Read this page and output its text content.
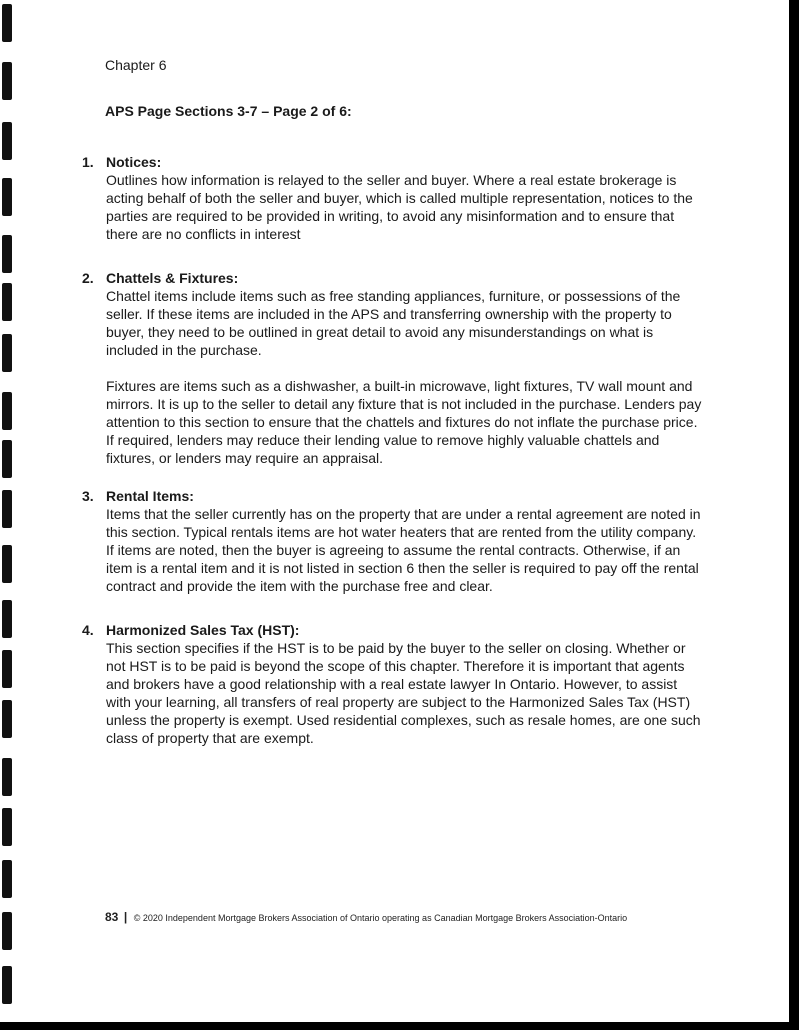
Chapter 6
APS Page Sections 3-7 – Page 2 of 6:
1. Notices:

Outlines how information is relayed to the seller and buyer. Where a real estate brokerage is acting behalf of both the seller and buyer, which is called multiple representation, notices to the parties are required to be provided in writing, to avoid any misinformation and to ensure that there are no conflicts in interest

2. Chattels & Fixtures:

Chattel items include items such as free standing appliances, furniture, or possessions of the seller. If these items are included in the APS and transferring ownership with the property to buyer, they need to be outlined in great detail to avoid any misunderstandings on what is included in the purchase.

Fixtures are items such as a dishwasher, a built-in microwave, light fixtures, TV wall mount and mirrors. It is up to the seller to detail any fixture that is not included in the purchase. Lenders pay attention to this section to ensure that the chattels and fixtures do not inflate the purchase price. If required, lenders may reduce their lending value to remove highly valuable chattels and fixtures, or lenders may require an appraisal.

3. Rental Items:

Items that the seller currently has on the property that are under a rental agreement are noted in this section. Typical rentals items are hot water heaters that are rented from the utility company. If items are noted, then the buyer is agreeing to assume the rental contracts. Otherwise, if an item is a rental item and it is not listed in section 6 then the seller is required to pay off the rental contract and provide the item with the purchase free and clear.

4. Harmonized Sales Tax (HST):

This section specifies if the HST is to be paid by the buyer to the seller on closing. Whether or not HST is to be paid is beyond the scope of this chapter. Therefore it is important that agents and brokers have a good relationship with a real estate lawyer In Ontario. However, to assist with your learning, all transfers of real property are subject to the Harmonized Sales Tax (HST) unless the property is exempt. Used residential complexes, such as resale homes, are one such class of property that are exempt.

83 | © 2020 Independent Mortgage Brokers Association of Ontario operating as Canadian Mortgage Brokers Association-Ontario
